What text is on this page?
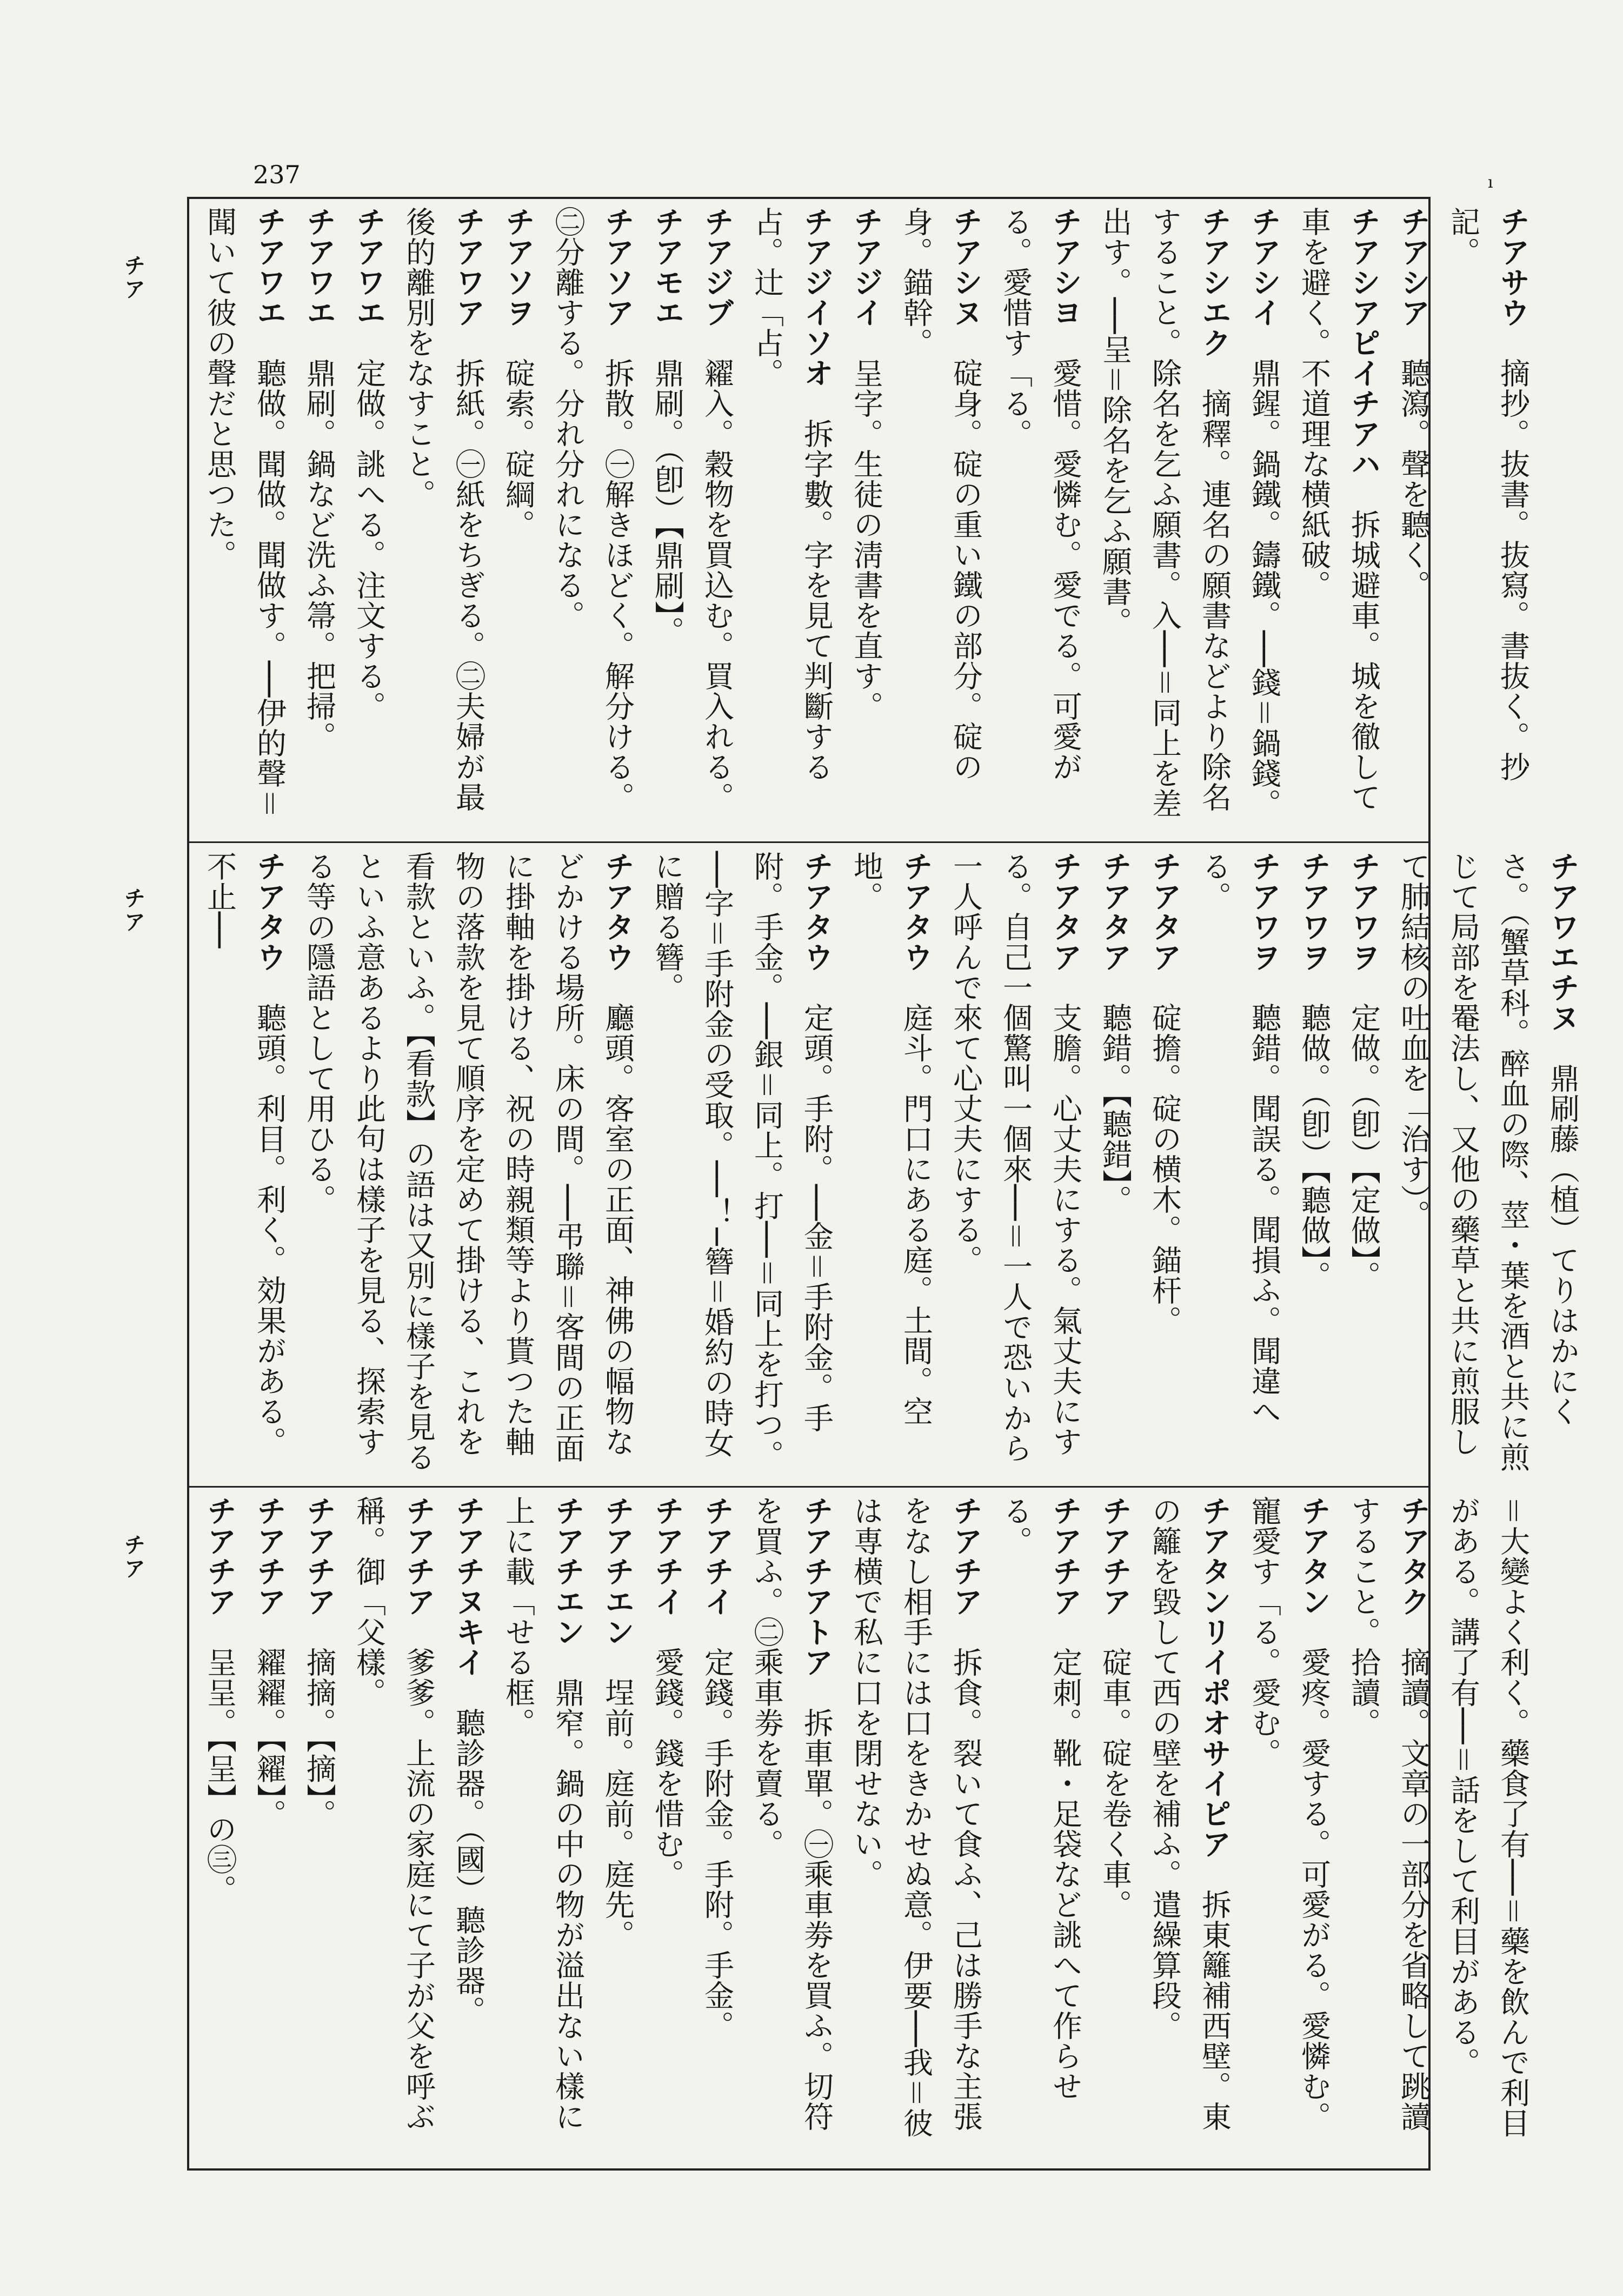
237	ı
チア
チア
チア

チアサウ　摘抄。抜書。抜寫。書抜く。抄記。

チアシア　聽瀉。聲を聽く。

チアシアピイチアハ　拆城避車。城を徹して車を避く。不道理な横紙破。

チアシイ　鼎鍟。鍋鐵。鑄鐵。──錢＝鍋錢。

チアシエク　摘釋。連名の願書などより除名すること。除名を乞ふ願書。入──＝同上を差出す。──呈＝除名を乞ふ願書。

チアシヨ　愛惜。愛憐む。愛でる。可愛がる。愛惜す「る。

チアシヌ　碇身。碇の重い鐵の部分。碇の身。錨幹。

チアジイ　呈字。生徒の淸書を直す。

チアジイソオ　拆字數。字を見て判斷する占。辻「占。

チアジブ　糴入。穀物を買込む。買入れる。

チアモエ　鼎刷。（卽）【鼎刷】。

チアソア　拆散。㊀解きほどく。解分ける。㊁分離する。分れ分れになる。

チアソヲ　碇索。碇綱。

チアワア　拆紙。㊀紙をちぎる。㊁夫婦が最後的離別をなすこと。

チアワエ　定做。誂へる。注文する。

チアワエ　鼎刷。鍋など洗ふ箒。把掃。

チアワエ　聽做。聞做。聞做す。──伊的聲＝聞いて彼の聲だと思つた。

チアワエチヌ　鼎刷藤（植）てりはかにくさ。（蟹草科。醉血の際、莖・葉を酒と共に煎じて局部を罨法し、又他の藥草と共に煎服して肺結核の吐血を「治す）。

チアワヲ　定做。（卽）【定做】。

チアワヲ　聽做。（卽）【聽做】。

チアワヲ　聽錯。聞誤る。聞損ふ。聞違へる。

チアタア　碇擔。碇の横木。錨杆。

チアタア　聽錯。【聽錯】。

チアタア　支膽。心丈夫にする。氣丈夫にする。自己一個驚叫一個來──＝一人で恐いから一人呼んで來て心丈夫にする。

チアタウ　庭斗。門口にある庭。土間。空地。

チアタウ　定頭。手附。──金＝手附金。手附。手金。──銀＝同上。打──＝同上を打つ。──字＝手附金の受取。──！─簪＝婚約の時女に贈る簪。

チアタウ　廳頭。客室の正面、神佛の幅物などかける場所。床の間。──弔聯＝客間の正面に掛軸を掛ける、祝の時親類等より貰つた軸物の落款を見て順序を定めて掛ける、これを看款といふ。【看款】の語は又別に樣子を見るといふ意あるより此句は樣子を見る、探索する等の隱語として用ひる。

チアタウ　聽頭。利目。利く。効果がある。不止──

＝大變よく利く。藥食了有──＝藥を飲んで利目がある。講了有──＝話をして利目がある。

チアタク　摘讀。文章の一部分を省略して跳讀すること。拾讀。

チアタン　愛疼。愛する。可愛がる。愛憐む。寵愛す「る。愛む。

チアタンリイポオサイピア　拆東籬補西壁。東の籬を毀して西の壁を補ふ。遣繰算段。

チアチア　碇車。碇を卷く車。

チアチア　定刺。靴・足袋など誂へて作らせる。

チアチア　拆食。裂いて食ふ、己は勝手な主張をなし相手には口をきかせぬ意。伊要──我＝彼は専横で私に口を閉せない。

チアチアトア　拆車單。㊀乘車劵を買ふ。切符を買ふ。㊁乘車劵を賣る。

チアチイ　定錢。手附金。手附。手金。

チアチイ　愛錢。錢を惜む。

チアチエン　埕前。庭前。庭先。

チアチエン　鼎窄。鍋の中の物が溢出ない樣に上に載「せる框。

チアチヌキイ　聽診器。（國）聽診器。

チアチア　爹爹。上流の家庭にて子が父を呼ぶ稱。御「父樣。

チアチア　摘摘。【摘】。

チアチア　糴糴。【糴】。

チアチア　呈呈。【呈】の㊂。
